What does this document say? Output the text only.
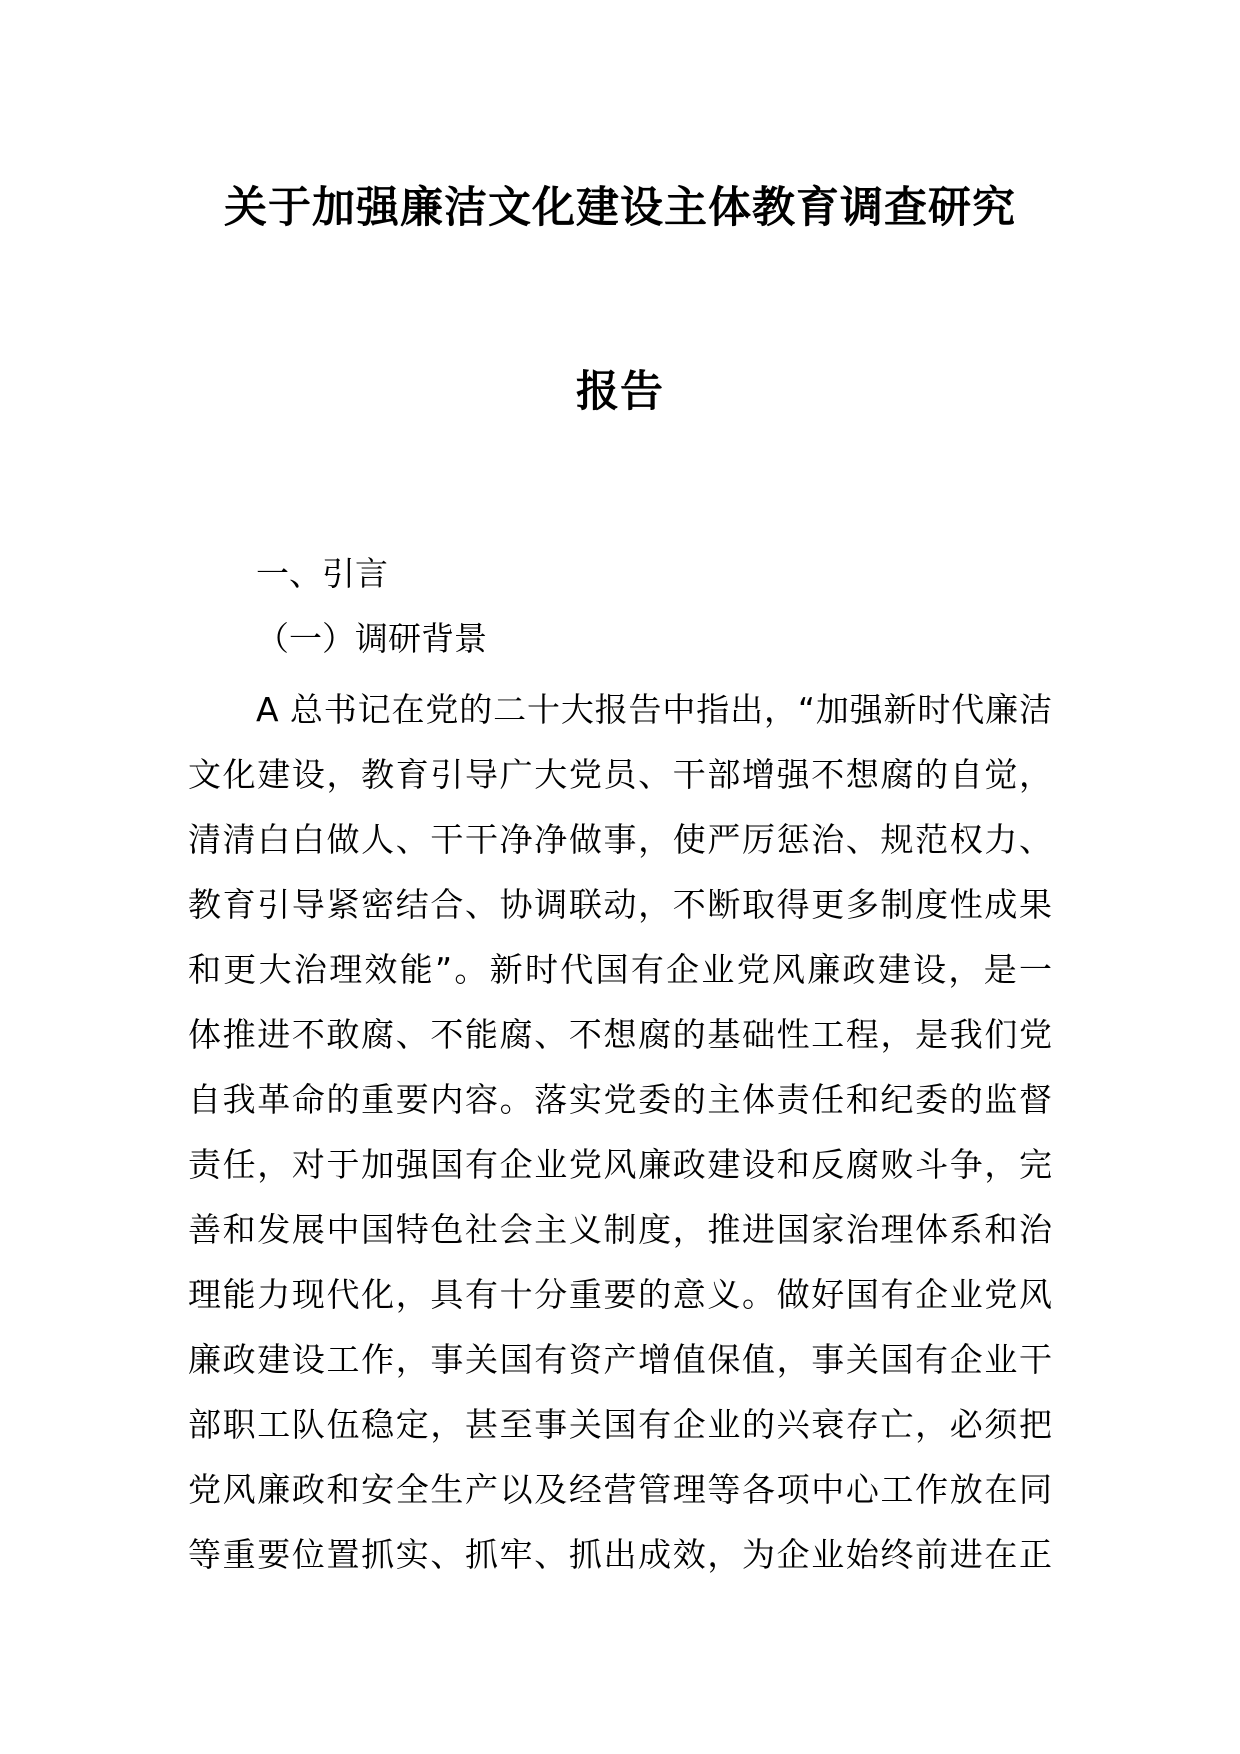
关于加强廉洁文化建设主体教育调查研究
报告
一、引言
（一）调研背景
A 总书记在党的二十大报告中指出，“加强新时代廉洁
文化建设，教育引导广大党员、干部增强不想腐的自觉，
清清白白做人、干干净净做事，使严厉惩治、规范权力、
教育引导紧密结合、协调联动，不断取得更多制度性成果
和更大治理效能”。新时代国有企业党风廉政建设，是一
体推进不敢腐、不能腐、不想腐的基础性工程，是我们党
自我革命的重要内容。落实党委的主体责任和纪委的监督
责任，对于加强国有企业党风廉政建设和反腐败斗争，完
善和发展中国特色社会主义制度，推进国家治理体系和治
理能力现代化，具有十分重要的意义。做好国有企业党风
廉政建设工作，事关国有资产增值保值，事关国有企业干
部职工队伍稳定，甚至事关国有企业的兴衰存亡，必须把
党风廉政和安全生产以及经营管理等各项中心工作放在同
等重要位置抓实、抓牢、抓出成效，为企业始终前进在正
